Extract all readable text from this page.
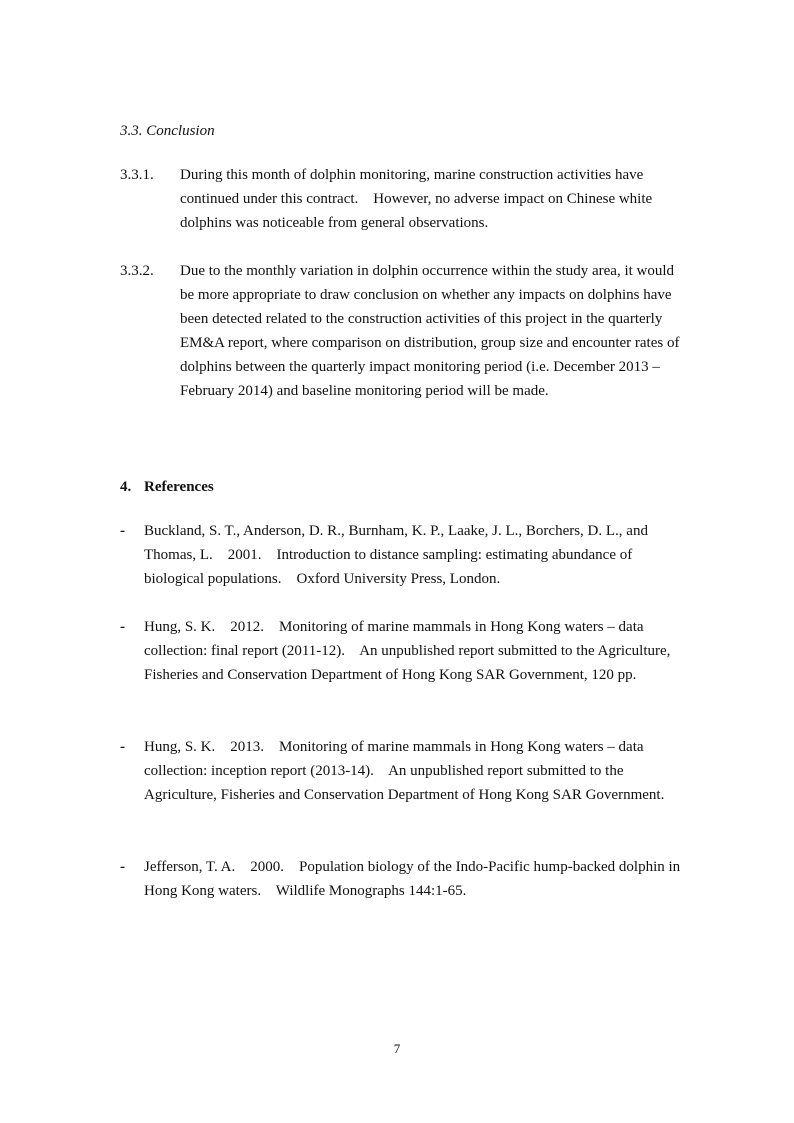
3.3. Conclusion
3.3.1. During this month of dolphin monitoring, marine construction activities have continued under this contract.    However, no adverse impact on Chinese white dolphins was noticeable from general observations.
3.3.2. Due to the monthly variation in dolphin occurrence within the study area, it would be more appropriate to draw conclusion on whether any impacts on dolphins have been detected related to the construction activities of this project in the quarterly EM&A report, where comparison on distribution, group size and encounter rates of dolphins between the quarterly impact monitoring period (i.e. December 2013 – February 2014) and baseline monitoring period will be made.
4. References
- Buckland, S. T., Anderson, D. R., Burnham, K. P., Laake, J. L., Borchers, D. L., and Thomas, L.    2001.    Introduction to distance sampling: estimating abundance of biological populations.    Oxford University Press, London.
- Hung, S. K.    2012.    Monitoring of marine mammals in Hong Kong waters – data collection: final report (2011-12).    An unpublished report submitted to the Agriculture, Fisheries and Conservation Department of Hong Kong SAR Government, 120 pp.
- Hung, S. K.    2013.    Monitoring of marine mammals in Hong Kong waters – data collection: inception report (2013-14).    An unpublished report submitted to the Agriculture, Fisheries and Conservation Department of Hong Kong SAR Government.
- Jefferson, T. A.    2000.    Population biology of the Indo-Pacific hump-backed dolphin in Hong Kong waters.    Wildlife Monographs 144:1-65.
7
